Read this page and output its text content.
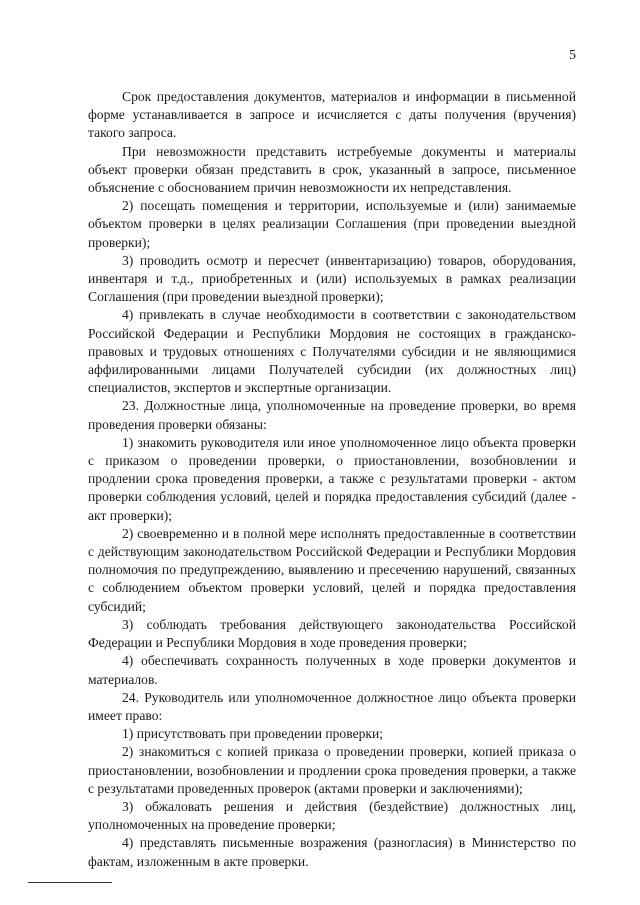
5

Срок предоставления документов, материалов и информации в письменной форме устанавливается в запросе и исчисляется с даты получения (вручения) такого запроса.

При невозможности представить истребуемые документы и материалы объект проверки обязан представить в срок, указанный в запросе, письменное объяснение с обоснованием причин невозможности их непредставления.

2) посещать помещения и территории, используемые и (или) занимаемые объектом проверки в целях реализации Соглашения (при проведении выездной проверки);

3) проводить осмотр и пересчет (инвентаризацию) товаров, оборудования, инвентаря и т.д., приобретенных и (или) используемых в рамках реализации Соглашения (при проведении выездной проверки);

4) привлекать в случае необходимости в соответствии с законодательством Российской Федерации и Республики Мордовия не состоящих в гражданско-правовых и трудовых отношениях с Получателями субсидии и не являющимися аффилированными лицами Получателей субсидии (их должностных лиц) специалистов, экспертов и экспертные организации.

23. Должностные лица, уполномоченные на проведение проверки, во время проведения проверки обязаны:

1) знакомить руководителя или иное уполномоченное лицо объекта проверки с приказом о проведении проверки, о приостановлении, возобновлении и продлении срока проведения проверки, а также с результатами проверки - актом проверки соблюдения условий, целей и порядка предоставления субсидий (далее - акт проверки);

2) своевременно и в полной мере исполнять предоставленные в соответствии с действующим законодательством Российской Федерации и Республики Мордовия полномочия по предупреждению, выявлению и пресечению нарушений, связанных с соблюдением объектом проверки условий, целей и порядка предоставления субсидий;

3) соблюдать требования действующего законодательства Российской Федерации и Республики Мордовия в ходе проведения проверки;

4) обеспечивать сохранность полученных в ходе проверки документов и материалов.

24. Руководитель или уполномоченное должностное лицо объекта проверки имеет право:

1) присутствовать при проведении проверки;

2) знакомиться с копией приказа о проведении проверки, копией приказа о приостановлении, возобновлении и продлении срока проведения проверки, а также с результатами проведенных проверок (актами проверки и заключениями);

3) обжаловать решения и действия (бездействие) должностных лиц, уполномоченных на проведение проверки;

4) представлять письменные возражения (разногласия) в Министерство по фактам, изложенным в акте проверки.
